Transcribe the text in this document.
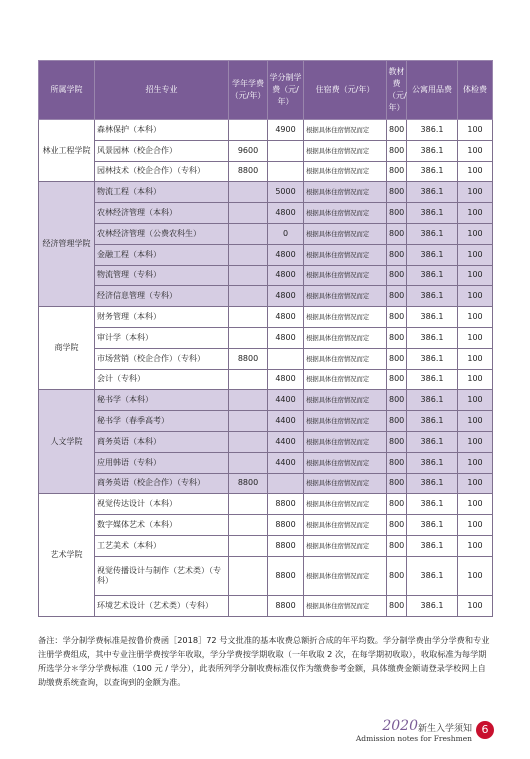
所属学院	招生专业	学年学费（元/年）	学分制学费（元/年）	住宿费（元/年）	教材费（元/年）	公寓用品费	体检费
林业工程学院	森林保护（本科）		4900	根据具体住宿情况而定	800	386.1	100
	风景园林（校企合作）	9600		根据具体住宿情况而定	800	386.1	100
	园林技术（校企合作）（专科）	8800		根据具体住宿情况而定	800	386.1	100
经济管理学院	物流工程（本科）		5000	根据具体住宿情况而定	800	386.1	100
	农林经济管理（本科）		4800	根据具体住宿情况而定	800	386.1	100
	农林经济管理（公费农科生）		0	根据具体住宿情况而定	800	386.1	100
	金融工程（本科）		4800	根据具体住宿情况而定	800	386.1	100
	物流管理（专科）		4800	根据具体住宿情况而定	800	386.1	100
	经济信息管理（专科）		4800	根据具体住宿情况而定	800	386.1	100
商学院	财务管理（本科）		4800	根据具体住宿情况而定	800	386.1	100
	审计学（本科）		4800	根据具体住宿情况而定	800	386.1	100
	市场营销（校企合作）（专科）	8800		根据具体住宿情况而定	800	386.1	100
	会计（专科）		4800	根据具体住宿情况而定	800	386.1	100
人文学院	秘书学（本科）		4400	根据具体住宿情况而定	800	386.1	100
	秘书学（春季高考）		4400	根据具体住宿情况而定	800	386.1	100
	商务英语（本科）		4400	根据具体住宿情况而定	800	386.1	100
	应用韩语（专科）		4400	根据具体住宿情况而定	800	386.1	100
	商务英语（校企合作）（专科）	8800		根据具体住宿情况而定	800	386.1	100
艺术学院	视觉传达设计（本科）		8800	根据具体住宿情况而定	800	386.1	100
	数字媒体艺术（本科）		8800	根据具体住宿情况而定	800	386.1	100
	工艺美术（本科）		8800	根据具体住宿情况而定	800	386.1	100
	视觉传播设计与制作（艺术类）（专科）		8800	根据具体住宿情况而定	800	386.1	100
	环境艺术设计（艺术类）（专科）		8800	根据具体住宿情况而定	800	386.1	100
备注：学分制学费标准是按鲁价费函［2018］72 号文批准的基本收费总额折合成的年平均数。学分制学费由学分学费和专业注册学费组成，其中专业注册学费按学年收取，学分学费按学期收取（一年收取 2 次，在每学期初收取），收取标准为每学期所选学分＊学分学费标准（100 元 / 学分），此表所列学分制收费标准仅作为缴费参考金额，具体缴费金额请登录学校网上自助缴费系统查询，以查询到的金额为准。
2020 新生入学须知
Admission notes for Freshmen
6
